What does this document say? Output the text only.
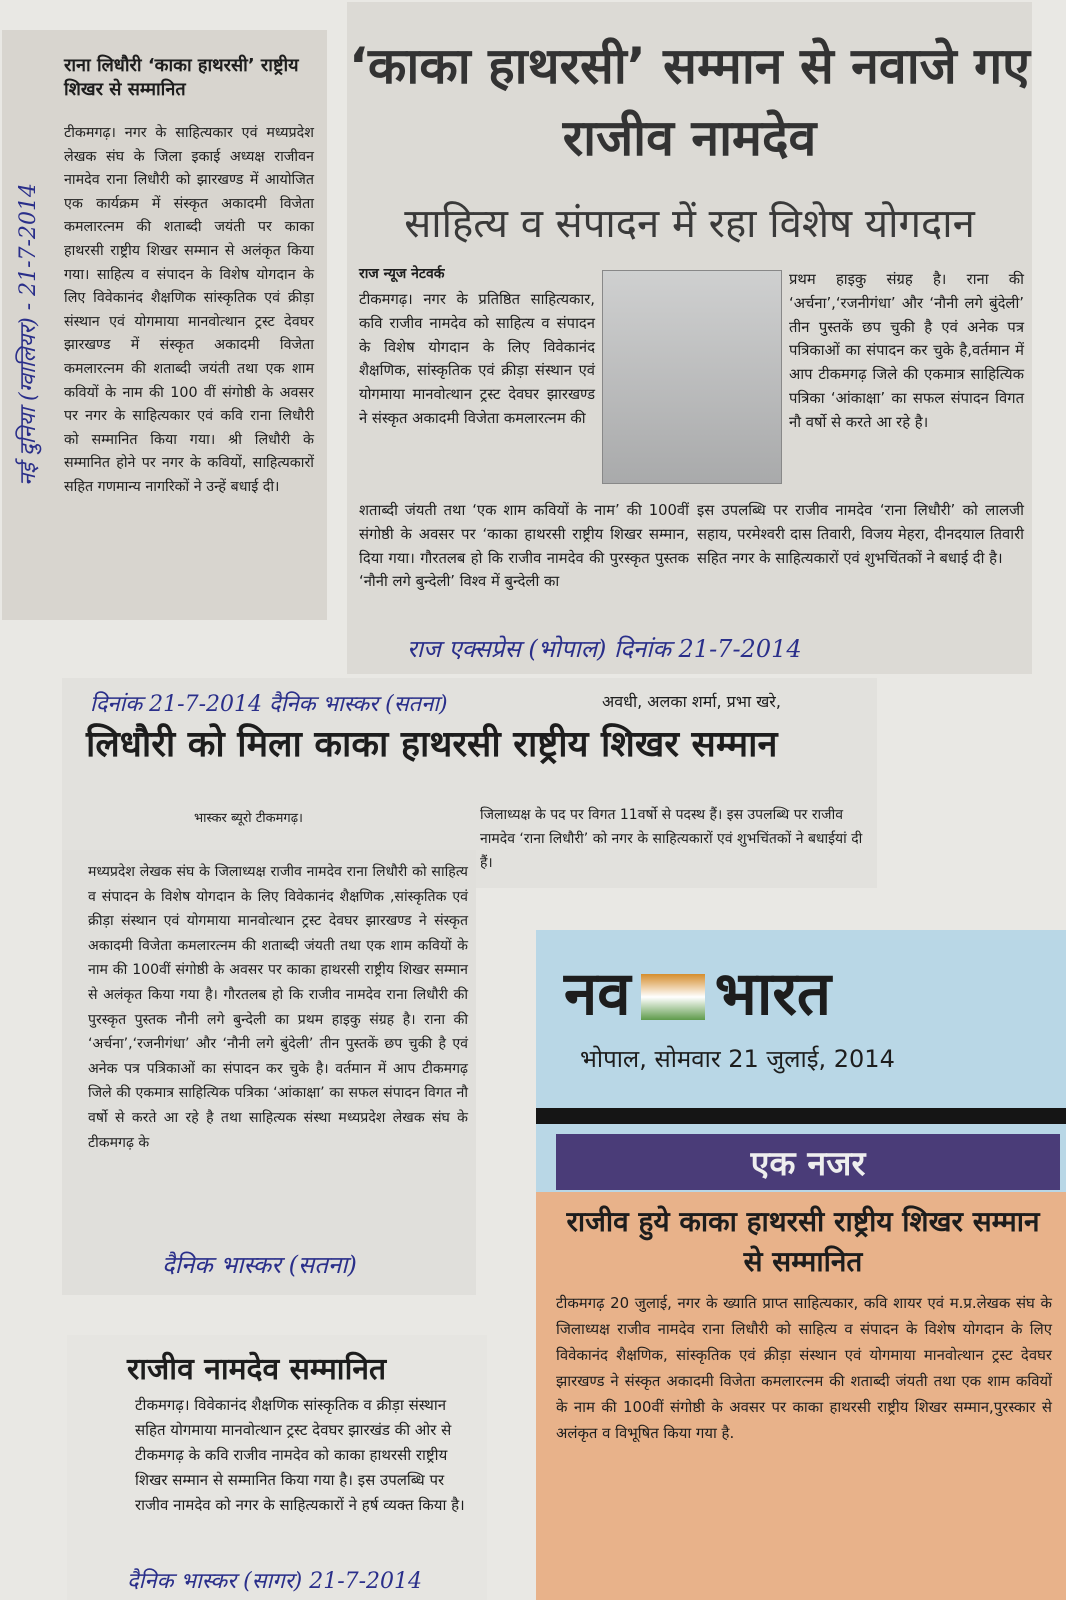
नई दुनिया (ग्वालियर) - 21-7-2014
राना लिधौरी ‘काका हाथरसी’ राष्ट्रीय शिखर से सम्मानित
टीकमगढ़। नगर के साहित्यकार एवं मध्यप्रदेश लेखक संघ के जिला इकाई अध्यक्ष राजीवन नामदेव राना लिधौरी को झारखण्ड में आयोजित एक कार्यक्रम में संस्कृत अकादमी विजेता कमलारत्नम की शताब्दी जयंती पर काका हाथरसी राष्ट्रीय शिखर सम्मान से अलंकृत किया गया। साहित्य व संपादन के विशेष योगदान के लिए विवेकानंद शैक्षणिक सांस्कृतिक एवं क्रीड़ा संस्थान एवं योगमाया मानवोत्थान ट्रस्ट देवघर झारखण्ड में संस्कृत अकादमी विजेता कमलारत्नम की शताब्दी जयंती तथा एक शाम कवियों के नाम की 100 वीं संगोष्ठी के अवसर पर नगर के साहित्यकार एवं कवि राना लिधौरी को सम्मानित किया गया। श्री लिधौरी के सम्मानित होने पर नगर के कवियों, साहित्यकारों सहित गणमान्य नागरिकों ने उन्हें बधाई दी।
‘काका हाथरसी’ सम्मान से नवाजे गए राजीव नामदेव
साहित्य व संपादन में रहा विशेष योगदान
राज न्यूज नेटवर्क
टीकमगढ़। नगर के प्रतिष्ठित साहित्यकार, कवि राजीव नामदेव को साहित्य व संपादन के विशेष योगदान के लिए विवेकानंद शैक्षणिक, सांस्कृतिक एवं क्रीड़ा संस्थान एवं योगमाया मानवोत्थान ट्रस्ट देवघर झारखण्ड ने संस्कृत अकादमी विजेता कमलारत्नम की
प्रथम हाइकु संग्रह है। राना की ‘अर्चना’,‘रजनीगंधा’ और ‘नौनी लगे बुंदेली’ तीन पुस्तकें छप चुकी है एवं अनेक पत्र पत्रिकाओं का संपादन कर चुके है,वर्तमान में आप टीकमगढ़ जिले की एकमात्र साहित्यिक पत्रिका ‘आंकाक्षा’ का सफल संपादन विगत नौ वर्षो से करते आ रहे है।
शताब्दी जंयती तथा ‘एक शाम कवियों के नाम’ की 100वीं संगोष्ठी के अवसर पर ‘काका हाथरसी राष्ट्रीय शिखर सम्मान, दिया गया। गौरतलब हो कि राजीव नामदेव की पुरस्कृत पुस्तक ‘नौनी लगे बुन्देली’ विश्व में बुन्देली का
इस उपलब्धि पर राजीव नामदेव ‘राना लिधौरी’ को लालजी सहाय, परमेश्वरी दास तिवारी, विजय मेहरा, दीनदयाल तिवारी सहित नगर के साहित्यकारों एवं शुभचिंतकों ने बधाई दी है।
राज एक्सप्रेस (भोपाल) दिनांक 21-7-2014
दिनांक 21-7-2014 दैनिक भास्कर (सतना)	अवधी, अलका शर्मा, प्रभा खरे,
लिधौरी को मिला काका हाथरसी राष्ट्रीय शिखर सम्मान
भास्कर ब्यूरो टीकमगढ़।	जिलाध्यक्ष के पद पर विगत 11वर्षो से पदस्थ हैं। इस उपलब्धि पर राजीव नामदेव ‘राना लिधौरी’ को नगर के साहित्यकारों एवं शुभचिंतकों ने बधाईयां दी हैं।
मध्यप्रदेश लेखक संघ के जिलाध्यक्ष राजीव नामदेव राना लिधौरी को साहित्य व संपादन के विशेष योगदान के लिए विवेकानंद शैक्षणिक ,सांस्कृतिक एवं क्रीड़ा संस्थान एवं योगमाया मानवोत्थान ट्रस्ट देवघर झारखण्ड ने संस्कृत अकादमी विजेता कमलारत्नम की शताब्दी जंयती तथा एक शाम कवियों के नाम की 100वीं संगोष्ठी के अवसर पर काका हाथरसी राष्ट्रीय शिखर सम्मान से अलंकृत किया गया है। गौरतलब हो कि राजीव नामदेव राना लिधौरी की पुरस्कृत पुस्तक नौनी लगे बुन्देली का प्रथम हाइकु संग्रह है। राना की ‘अर्चना’,‘रजनीगंधा’ और ‘नौनी लगे बुंदेली’ तीन पुस्तकें छप चुकी है एवं अनेक पत्र पत्रिकाओं का संपादन कर चुके है। वर्तमान में आप टीकमगढ़ जिले की एकमात्र साहित्यिक पत्रिका ‘आंकाक्षा’ का सफल संपादन विगत नौ वर्षो से करते आ रहे है तथा साहित्यक संस्था मध्यप्रदेश लेखक संघ के टीकमगढ़ के
दैनिक भास्कर (सतना)
राजीव नामदेव सम्मानित
टीकमगढ़। विवेकानंद शैक्षणिक सांस्कृतिक व क्रीड़ा संस्थान सहित योगमाया मानवोत्थान ट्रस्ट देवघर झारखंड की ओर से टीकमगढ़ के कवि राजीव नामदेव को काका हाथरसी राष्ट्रीय शिखर सम्मान से सम्मानित किया गया है। इस उपलब्धि पर राजीव नामदेव को नगर के साहित्यकारों ने हर्ष व्यक्त किया है।
दैनिक भास्कर (सागर) 21-7-2014
नव भारत
भोपाल, सोमवार 21 जुलाई, 2014
एक नजर
राजीव हुये काका हाथरसी राष्ट्रीय शिखर सम्मान से सम्मानित
टीकमगढ़ 20 जुलाई, नगर के ख्याति प्राप्त साहित्यकार, कवि शायर एवं म.प्र.लेखक संघ के जिलाध्यक्ष राजीव नामदेव राना लिधौरी को साहित्य व संपादन के विशेष योगदान के लिए विवेकानंद शैक्षणिक, सांस्कृतिक एवं क्रीड़ा संस्थान एवं योगमाया मानवोत्थान ट्रस्ट देवघर झारखण्ड ने संस्कृत अकादमी विजेता कमलारत्नम की शताब्दी जंयती तथा एक शाम कवियों के नाम की 100वीं संगोष्ठी के अवसर पर काका हाथरसी राष्ट्रीय शिखर सम्मान,पुरस्कार से अलंकृत व विभूषित किया गया है.
